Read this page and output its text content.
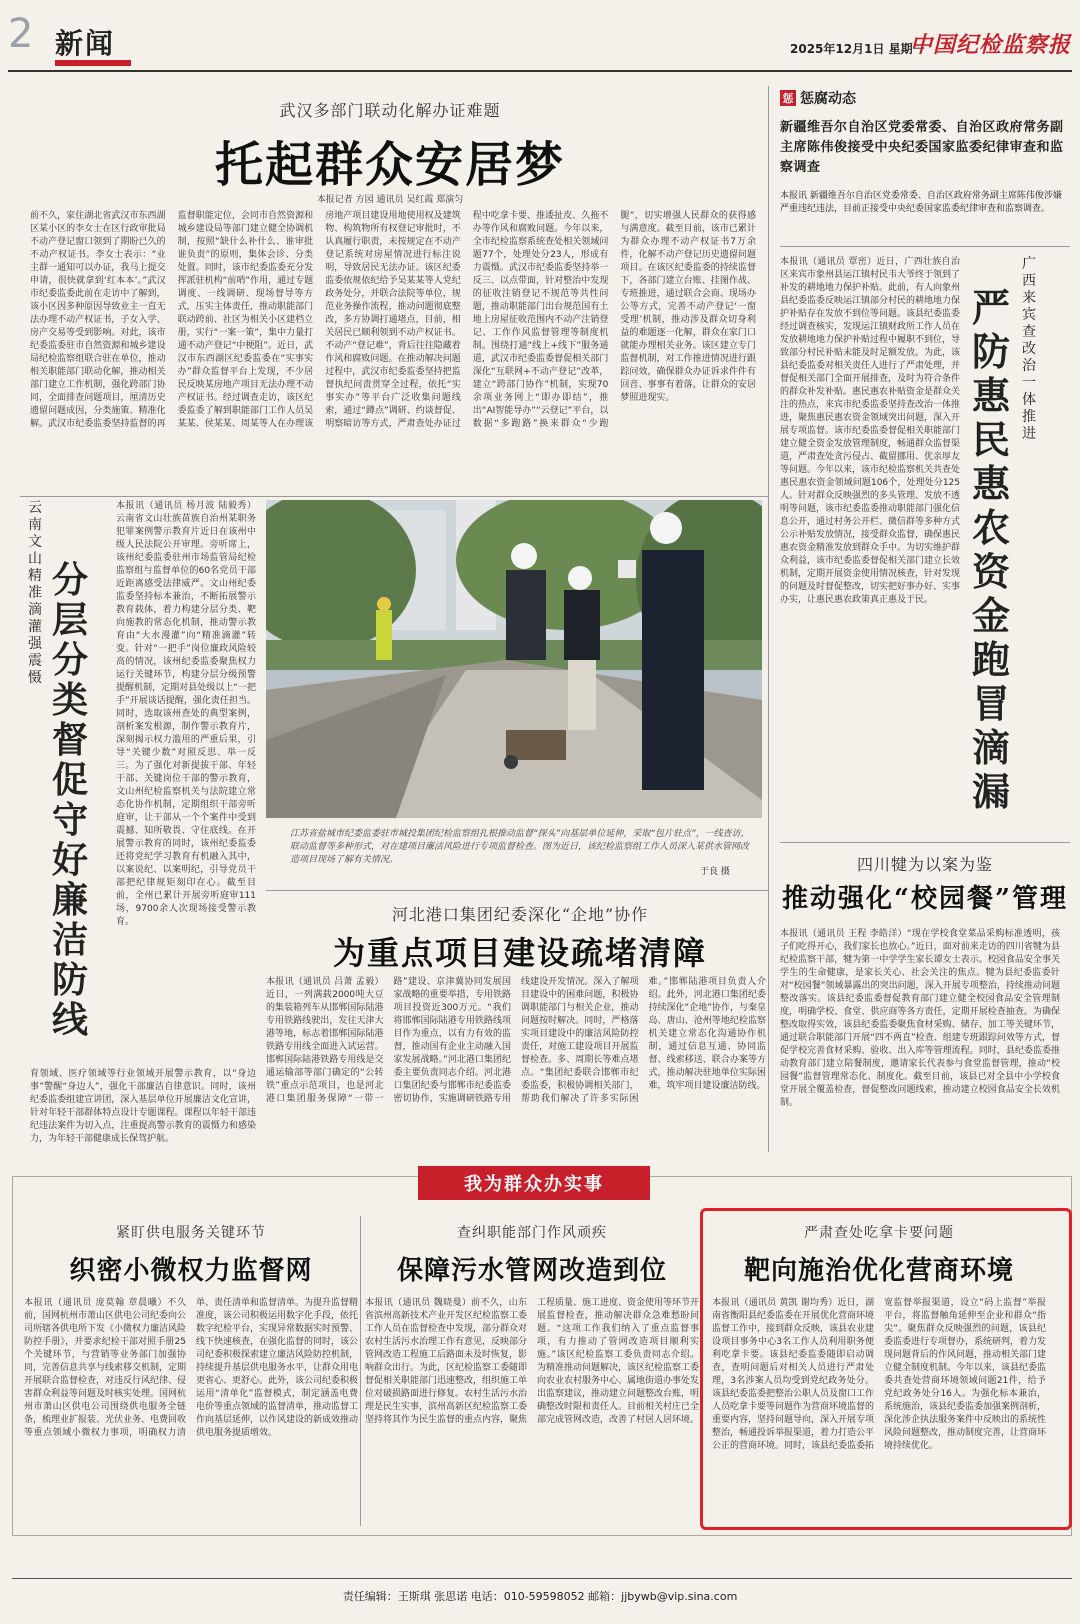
2 新闻	2025年12月1日 星期一
中国纪检监察报
武汉多部门联动化解办证难题
托起群众安居梦
本报记者 方园 通讯员 吴红霞 郑演匀
前不久，家住湖北省武汉市东西湖区某小区的李女士在区行政审批局不动产登记窗口领到了期盼已久的不动产权证书。李女士表示：“业主群一通知可以办证，我马上提交申请，很快就拿到‘红本本’。”武汉市纪委监委此前在走访中了解到，该小区因多种原因导致业主一直无法办理不动产权证书，子女入学、房产交易等受到影响。对此，该市纪委监委驻市自然资源和城乡建设局纪检监察组联合驻在单位，推动相关职能部门联动化解，推动相关部门建立工作机制，强化跨部门协同，全面排查问题项目，厘清历史遗留问题成因，分类施策、精准化解。武汉市纪委监委坚持监督的再监督职能定位，会同市自然资源和城乡建设局等部门建立健全协调机制，按照“缺什么补什么、谁审批谁负责”的原则，集体会诊、分类处置。同时，该市纪委监委充分发挥派驻机构“前哨”作用，通过专题调度、一线调研、现场督导等方式，压实主体责任，推动职能部门联动跨前、社区为相关小区建档立册，实行“一案一策”，集中力量打通不动产登记“中梗阻”。近日，武汉市东西湖区纪委监委在“实事实办”群众监督平台上发现，不少居民反映某房地产项目无法办理不动产权证书。经过调查走访，该区纪委监委了解到职能部门工作人员吴某某、侯某某、周某等人在办理该房地产项目建设用地使用权及建筑物、构筑物所有权登记审批时，不认真履行职责，未按规定在不动产登记系统对房屋情况进行标注说明，导致居民无法办证。该区纪委监委依规依纪给予吴某某等人党纪政务处分，并联合法院等单位，规范业务操作流程，推动问题彻底整改，多方协调打通堵点，目前，相关居民已顺利领到不动产权证书。不动产“登记难”，背后往往隐藏着作风和腐败问题。在推动解决问题过程中，武汉市纪委监委坚持把监督执纪问责贯穿全过程，依托“实事实办”等平台广泛收集问题线索，通过“蹲点”调研、约谈督促、明察暗访等方式，严肃查处办证过程中吃拿卡要、推诿扯皮、久拖不办等作风和腐败问题。今年以来，全市纪检监察系统查处相关领域问题77个，处理处分23人，形成有力震慑。武汉市纪委监委坚持举一反三、以点带面，针对整治中发现的征收注销登记不规范等共性问题，推动职能部门出台规范国有土地上房屋征收范围内不动产注销登记、工作作风监督管理等制度机制。围绕打通“线上+线下”服务通道，武汉市纪委监委督促相关部门深化“互联网+不动产登记”改革，建立“跨部门协作”机制，实现70余项业务网上“即办即结”，推出“AI智能导办”“云登记”平台，以数据“多跑路”换来群众“少跑腿”，切实增强人民群众的获得感与满意度。截至目前，该市已累计为群众办理不动产权证书7万余件，化解不动产登记历史遗留问题项目。在该区纪委监委的持续监督下，各部门建立台账、挂图作战、专班推进，通过联合会商、现场办公等方式，完善不动产登记‘一窗受理’机制，推动涉及群众切身利益的难题逐一化解，群众在家门口就能办理相关业务。该区建立专门监督机制，对工作推进情况进行跟踪问效，确保群众办证诉求件件有回音、事事有着落，让群众的安居梦照进现实。
惩 惩腐动态
新疆维吾尔自治区党委常委、自治区政府常务副主席陈伟俊接受中央纪委国家监委纪律审查和监察调查
本报讯 新疆维吾尔自治区党委常委、自治区政府常务副主席陈伟俊涉嫌严重违纪违法，目前正接受中央纪委国家监委纪律审查和监察调查。
广西来宾查改治一体推进
严防惠民惠农资金跑冒滴漏
本报讯（通讯员 覃密）近日，广西壮族自治区来宾市象州县运江镇村民韦大爷终于领到了补发的耕地地力保护补贴。此前，有人向象州县纪委监委反映运江镇部分村民的耕地地力保护补贴存在发放不到位等问题。该县纪委监委经过调查核实，发现运江镇财政所工作人员在发放耕地地力保护补贴过程中履职不到位，导致部分村民补贴未能及时足额发放。为此，该县纪委监委对相关责任人进行了严肃处理，并督促相关部门全面开展排查，及时为符合条件的群众补发补贴。惠民惠农补贴资金是群众关注的热点，来宾市纪委监委坚持查改治一体推进，聚焦惠民惠农资金领域突出问题，深入开展专项监督。该市纪委监委督促相关职能部门建立健全资金发放管理制度，畅通群众监督渠道，严肃查处贪污侵占、截留挪用、优亲厚友等问题。今年以来，该市纪检监察机关共查处惠民惠农资金领域问题106个，处理处分125人。针对群众反映强烈的多头管理、发放不透明等问题，该市纪委监委推动职能部门强化信息公开，通过村务公开栏、微信群等多种方式公示补贴发放情况，接受群众监督，确保惠民惠农资金精准发放到群众手中。为切实维护群众利益，该市纪委监委督促相关部门建立长效机制，定期开展资金使用情况核查，针对发现的问题及时督促整改，切实把好事办好、实事办实，让惠民惠农政策真正惠及于民。
云南文山精准滴灌强震慑
分层分类督促守好廉洁防线
本报讯（通讯员 杨月波 陆毅秀）云南省文山壮族苗族自治州某职务犯罪案例警示教育片近日在该州中级人民法院公开审理。旁听席上，该州纪委监委驻州市场监管局纪检监察组与监督单位的60名党员干部近距离感受法律威严。文山州纪委监委坚持标本兼治，不断拓展警示教育载体，着力构建分层分类、靶向施教的常态化机制，推动警示教育由“大水漫灌”向“精准滴灌”转变。针对“一把手”岗位廉政风险较高的情况，该州纪委监委聚焦权力运行关键环节，构建分层分级预警提醒机制，定期对县处级以上“一把手”开展谈话提醒，强化责任担当。同时，选取该州查处的典型案例，剖析案发根源，制作警示教育片，深刻揭示权力滥用的严重后果，引导“关键少数”对照反思、举一反三。为了强化对新提拔干部、年轻干部、关键岗位干部的警示教育，文山州纪检监察机关与法院建立常态化协作机制，定期组织干部旁听庭审，让干部从一个个案件中受到震撼、知所敬畏、守住底线。在开展警示教育的同时，该州纪委监委还将党纪学习教育有机融入其中，以案说纪、以案明纪，引导党员干部把纪律规矩刻印在心。截至目前，全州已累计开展旁听庭审111场，9700余人次现场接受警示教育。
育领域、医疗领域等行业领域开展警示教育，以“身边事”警醒“身边人”，强化干部廉洁自律意识。同时，该州纪委监委组建宣讲团，深入基层单位开展廉洁文化宣讲，针对年轻干部群体特点设计专题课程。课程以年轻干部违纪违法案件为切入点，注重提高警示教育的震慑力和感染力，为年轻干部健康成长保驾护航。
江苏省盐城市纪委监委驻市城投集团纪检监察组扎根推动监督“探头”向基层单位延伸，采取“包片驻点”，一线查访，联动监督等多种形式，对在建项目廉洁风险进行专项监督检查。图为近日，该纪检监察组工作人员深入某供水管网改造项目现场了解有关情况。
于良 摄	四川犍为以案为鉴
推动强化“校园餐”管理
本报讯（通讯员 王程 李皓洋）“现在学校食堂菜品采购标准透明，孩子们吃得开心，我们家长也放心。”近日，面对前来走访的四川省犍为县纪检监察干部，犍为第一中学学生家长谭女士表示。校园食品安全事关学生的生命健康，是家长关心、社会关注的焦点。犍为县纪委监委针对“校园餐”领域暴露出的突出问题，深入开展专项整治，持续推动问题整改落实。该县纪委监委督促教育部门建立健全校园食品安全管理制度，明确学校、食堂、供应商等各方责任，定期开展检查抽查。为确保整改取得实效，该县纪委监委聚焦食材采购、储存、加工等关键环节，通过联合职能部门开展“四不两直”检查、组建专班跟踪问效等方式，督促学校完善食材采购、验收、出入库等管理流程。同时，县纪委监委推动教育部门建立陪餐制度，邀请家长代表参与食堂监督管理，推动“校园餐”监督管理常态化、制度化。截至目前，该县已对全县中小学校食堂开展全覆盖检查，督促整改问题线索，推动建立校园食品安全长效机制。
河北港口集团纪委深化“企地”协作
为重点项目建设疏堵清障
本报讯（通讯员 吕萧 孟毅）近日，一列满载2000吨大豆的集装箱列车从邯郸国际陆港专用铁路线驶出，发往天津大港等地，标志着邯郸国际陆港铁路专用线全面进入试运营。邯郸国际陆港铁路专用线是交通运输部等部门确定的“公转铁”重点示范项目，也是河北港口集团服务保障“一带一路”建设、京津冀协同发展国家战略的重要举措，专用铁路项目投资近300万元。“我们将邯郸国际陆港专用铁路线项目作为重点，以有力有效的监督，推动国有企业主动融入国家发展战略。”河北港口集团纪委主要负责同志介绍。河北港口集团纪委与邯郸市纪委监委密切协作，实施调研铁路专用线建设开发情况。深入了解项目建设中的困难问题，积极协调职能部门与相关企业，推动问题按时解决。同时，严格落实项目建设中的廉洁风险防控责任，对施工建设项目开展监督检查。多、周期长等难点堵点。“集团纪委联合邯郸市纪委监委，积极协调相关部门，帮助我们解决了许多实际困难。”邯郸陆港项目负责人介绍。此外，河北港口集团纪委持续深化“企地”协作，与秦皇岛、唐山、沧州等地纪检监察机关建立常态化沟通协作机制，通过信息互通、协同监督、线索移送、联合办案等方式，推动解决驻地单位实际困难，筑牢项目建设廉洁防线。
我为群众办实事
紧盯供电服务关键环节
织密小微权力监督网
本报讯（通讯员 庞莫翰 章晨曦）不久前，国网杭州市萧山区供电公司纪委向公司所辖各供电所下发《小微权力廉洁风险防控手册》，并要求纪检干部对照手册25个关键环节，与营销等业务部门加强协同，完善信息共享与线索移交机制，定期开展联合监督检查，对违反行风纪律、侵害群众利益等问题及时核实处理。国网杭州市萧山区供电公司围绕供电服务全链条，梳理业扩报装、光伏业务、电费回收等重点领域小微权力事项，明确权力清单、责任清单和监督清单。为提升监督精准度，该公司积极运用数字化手段，依托数字纪检平台，实现异常数据实时预警、线下快速核查，在强化监督的同时，该公司纪委积极探索建立廉洁风险防控机制，持续提升基层供电服务水平，让群众用电更省心、更舒心。此外，该公司纪委积极运用“清单化”监督模式，制定涵盖电费电价等重点领域的监督清单，推动监督工作向基层延伸，以作风建设的新成效推动供电服务提质增效。
查纠职能部门作风顽疾
保障污水管网改造到位
本报讯（通讯员 魏晓曼）前不久，山东省滨州高新技术产业开发区纪检监察工委工作人员在监督检查中发现，部分群众对农村生活污水治理工作有意见，反映部分管网改造工程施工后路面未及时恢复，影响群众出行。为此，区纪检监察工委随即督促相关职能部门迅速整改，组织施工单位对破损路面进行修复。农村生活污水治理是民生实事，滨州高新区纪检监察工委坚持将其作为民生监督的重点内容，聚焦工程质量、施工进度、资金使用等环节开展监督检查，推动解决群众急难愁盼问题。“这项工作我们纳入了重点监督事项，有力推动了管网改造项目顺利实施。”该区纪检监察工委负责同志介绍。为精准推动问题解决，该区纪检监察工委向农业农村服务中心、属地街道办事处发出监察建议，推动建立问题整改台账，明确整改时限和责任人。目前相关村庄已全部完成管网改造，改善了村居人居环境。
严肃查处吃拿卡要问题
靶向施治优化营商环境
本报讯（通讯员 黄凯 谢均秀）近日，湖南省衡阳县纪委监委在开展优化营商环境监督工作中，接到群众反映，该县农业建设项目事务中心3名工作人员利用职务便利吃拿卡要。该县纪委监委随即启动调查，查明问题后对相关人员进行严肃处理，3名涉案人员均受到党纪政务处分。该县纪委监委把整治公职人员及窗口工作人员吃拿卡要等问题作为营商环境监督的重要内容，坚持问题导向，深入开展专项整治，畅通投诉举报渠道，着力打造公平公正的营商环境。同时，该县纪委监委拓宽监督举报渠道，设立“码上监督”举报平台，将监督触角延伸至企业和群众“指尖”。聚焦群众反映强烈的问题，该县纪委监委进行专项督办，系统研判，着力发现问题背后的作风问题，推动相关部门建立健全制度机制。今年以来，该县纪委监委共查处营商环境领域问题21件，给予党纪政务处分16人。为强化标本兼治，系统施治，该县纪委监委加强案例剖析，深化涉企执法服务案件中反映出的系统性风险问题整改，推动制度完善，让营商环境持续优化。
责任编辑：王斯琪 张思诺 电话：010-59598052 邮箱：jjbywb@vip.sina.com
